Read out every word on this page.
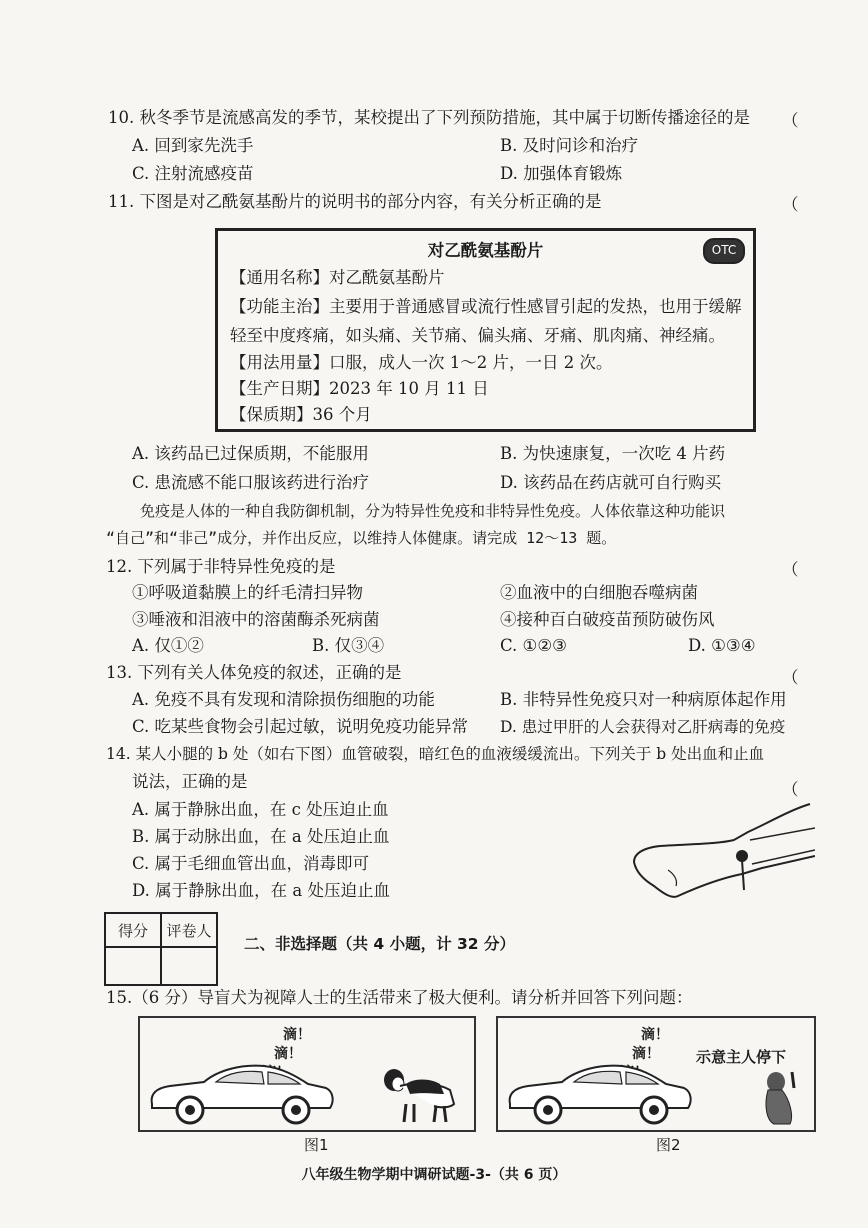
10. 秋冬季节是流感高发的季节，某校提出了下列预防措施，其中属于切断传播途径的是 （
A. 回到家先洗手	B. 及时问诊和治疗
C. 注射流感疫苗	D. 加强体育锻炼
11. 下图是对乙酰氨基酚片的说明书的部分内容，有关分析正确的是	（
对乙酰氨基酚片	OTC
【通用名称】对乙酰氨基酚片
【功能主治】主要用于普通感冒或流行性感冒引起的发热，也用于缓解
轻至中度疼痛，如头痛、关节痛、偏头痛、牙痛、肌肉痛、神经痛。
【用法用量】口服，成人一次 1～2 片，一日 2 次。
【生产日期】2023 年 10 月 11 日
【保质期】36 个月
A. 该药品已过保质期，不能服用	B. 为快速康复，一次吃 4 片药
C. 患流感不能口服该药进行治疗	D. 该药品在药店就可自行购买
免疫是人体的一种自我防御机制，分为特异性免疫和非特异性免疫。人体依靠这种功能识
“自己”和“非己”成分，并作出反应，以维持人体健康。请完成 12～13 题。
12. 下列属于非特异性免疫的是	（
①呼吸道黏膜上的纤毛清扫异物	②血液中的白细胞吞噬病菌
③唾液和泪液中的溶菌酶杀死病菌	④接种百白破疫苗预防破伤风
A. 仅①②	B. 仅③④	C. ①②③	D. ①③④
13. 下列有关人体免疫的叙述，正确的是	（
A. 免疫不具有发现和清除损伤细胞的功能	B. 非特异性免疫只对一种病原体起作用
C. 吃某些食物会引起过敏，说明免疫功能异常 D. 患过甲肝的人会获得对乙肝病毒的免疫
14. 某人小腿的 b 处（如右下图）血管破裂，暗红色的血液缓缓流出。下列关于 b 处出血和止血
说法，正确的是	（
A. 属于静脉出血，在 c 处压迫止血
B. 属于动脉出血，在 a 处压迫止血
C. 属于毛细血管出血，消毒即可
D. 属于静脉出血，在 a 处压迫止血
得分	评卷人

二、非选择题（共 4 小题，计 32 分）
15.（6 分）导盲犬为视障人士的生活带来了极大便利。请分析并回答下列问题：
滴！
滴！
图1
滴！
滴！ 示意主人停下
图2
八年级生物学期中调研试题-3-（共 6 页）
